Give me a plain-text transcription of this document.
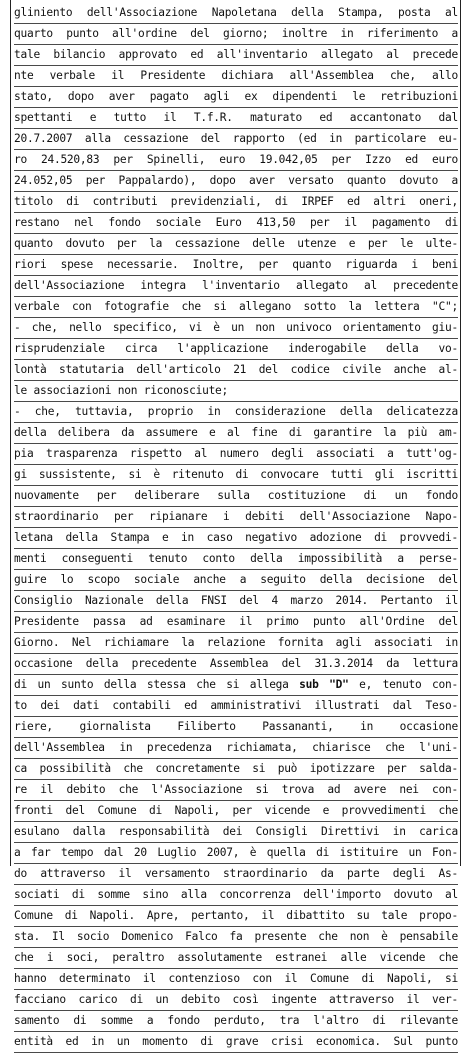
gliniento dell'Associazione Napoletana della Stampa, posta al
quarto punto all'ordine del giorno; inoltre in riferimento a
tale bilancio approvato ed all'inventario allegato al precede
nte verbale il Presidente dichiara all'Assemblea che, allo
stato, dopo aver pagato agli ex dipendenti le retribuzioni
spettanti e tutto il T.f.R. maturato ed accantonato dal
20.7.2007 alla cessazione del rapporto (ed in particolare eu-
ro 24.520,83 per Spinelli, euro 19.042,05 per Izzo ed euro
24.052,05 per Pappalardo), dopo aver versato quanto dovuto a
titolo di contributi previdenziali, di IRPEF ed altri oneri,
restano nel fondo sociale Euro 413,50 per il pagamento di
quanto dovuto per la cessazione delle utenze e per le ulte-
riori spese necessarie. Inoltre, per quanto riguarda i beni
dell'Associazione integra l'inventario allegato al precedente
verbale con fotografie che si allegano sotto la lettera "C";
- che, nello specifico, vi è un non univoco orientamento giu-
risprudenziale circa l'applicazione inderogabile della vo-
lontà statutaria dell'articolo 21 del codice civile anche al-
le associazioni non riconosciute;
- che, tuttavia, proprio in considerazione della delicatezza
della delibera da assumere e al fine di garantire la più am-
pia trasparenza rispetto al numero degli associati a tutt'og-
gi sussistente, si è ritenuto di convocare tutti gli iscritti
nuovamente per deliberare sulla costituzione di un fondo
straordinario per ripianare i debiti dell'Associazione Napo-
letana della Stampa e in caso negativo adozione di provvedi-
menti conseguenti tenuto conto della impossibilità a perse-
guire lo scopo sociale anche a seguito della decisione del
Consiglio Nazionale della FNSI del 4 marzo 2014. Pertanto il
Presidente passa ad esaminare il primo punto all'Ordine del
Giorno. Nel richiamare la relazione fornita agli associati in
occasione della precedente Assemblea del 31.3.2014 da lettura
di un sunto della stessa che si allega sub "D" e, tenuto con-
to dei dati contabili ed amministrativi illustrati dal Teso-
riere, giornalista Filiberto Passananti, in occasione
dell'Assemblea in precedenza richiamata, chiarisce che l'uni-
ca possibilità che concretamente si può ipotizzare per salda-
re il debito che l'Associazione si trova ad avere nei con-
fronti del Comune di Napoli, per vicende e provvedimenti che
esulano dalla responsabilità dei Consigli Direttivi in carica
a far tempo dal 20 Luglio 2007, è quella di istituire un Fon-
do attraverso il versamento straordinario da parte degli As-
sociati di somme sino alla concorrenza dell'importo dovuto al
Comune di Napoli. Apre, pertanto, il dibattito su tale propo-
sta. Il socio Domenico Falco fa presente che non è pensabile
che i soci, peraltro assolutamente estranei alle vicende che
hanno determinato il contenzioso con il Comune di Napoli, si
facciano carico di un debito così ingente attraverso il ver-
samento di somme a fondo perduto, tra l'altro di rilevante
entità ed in un momento di grave crisi economica. Sul punto
